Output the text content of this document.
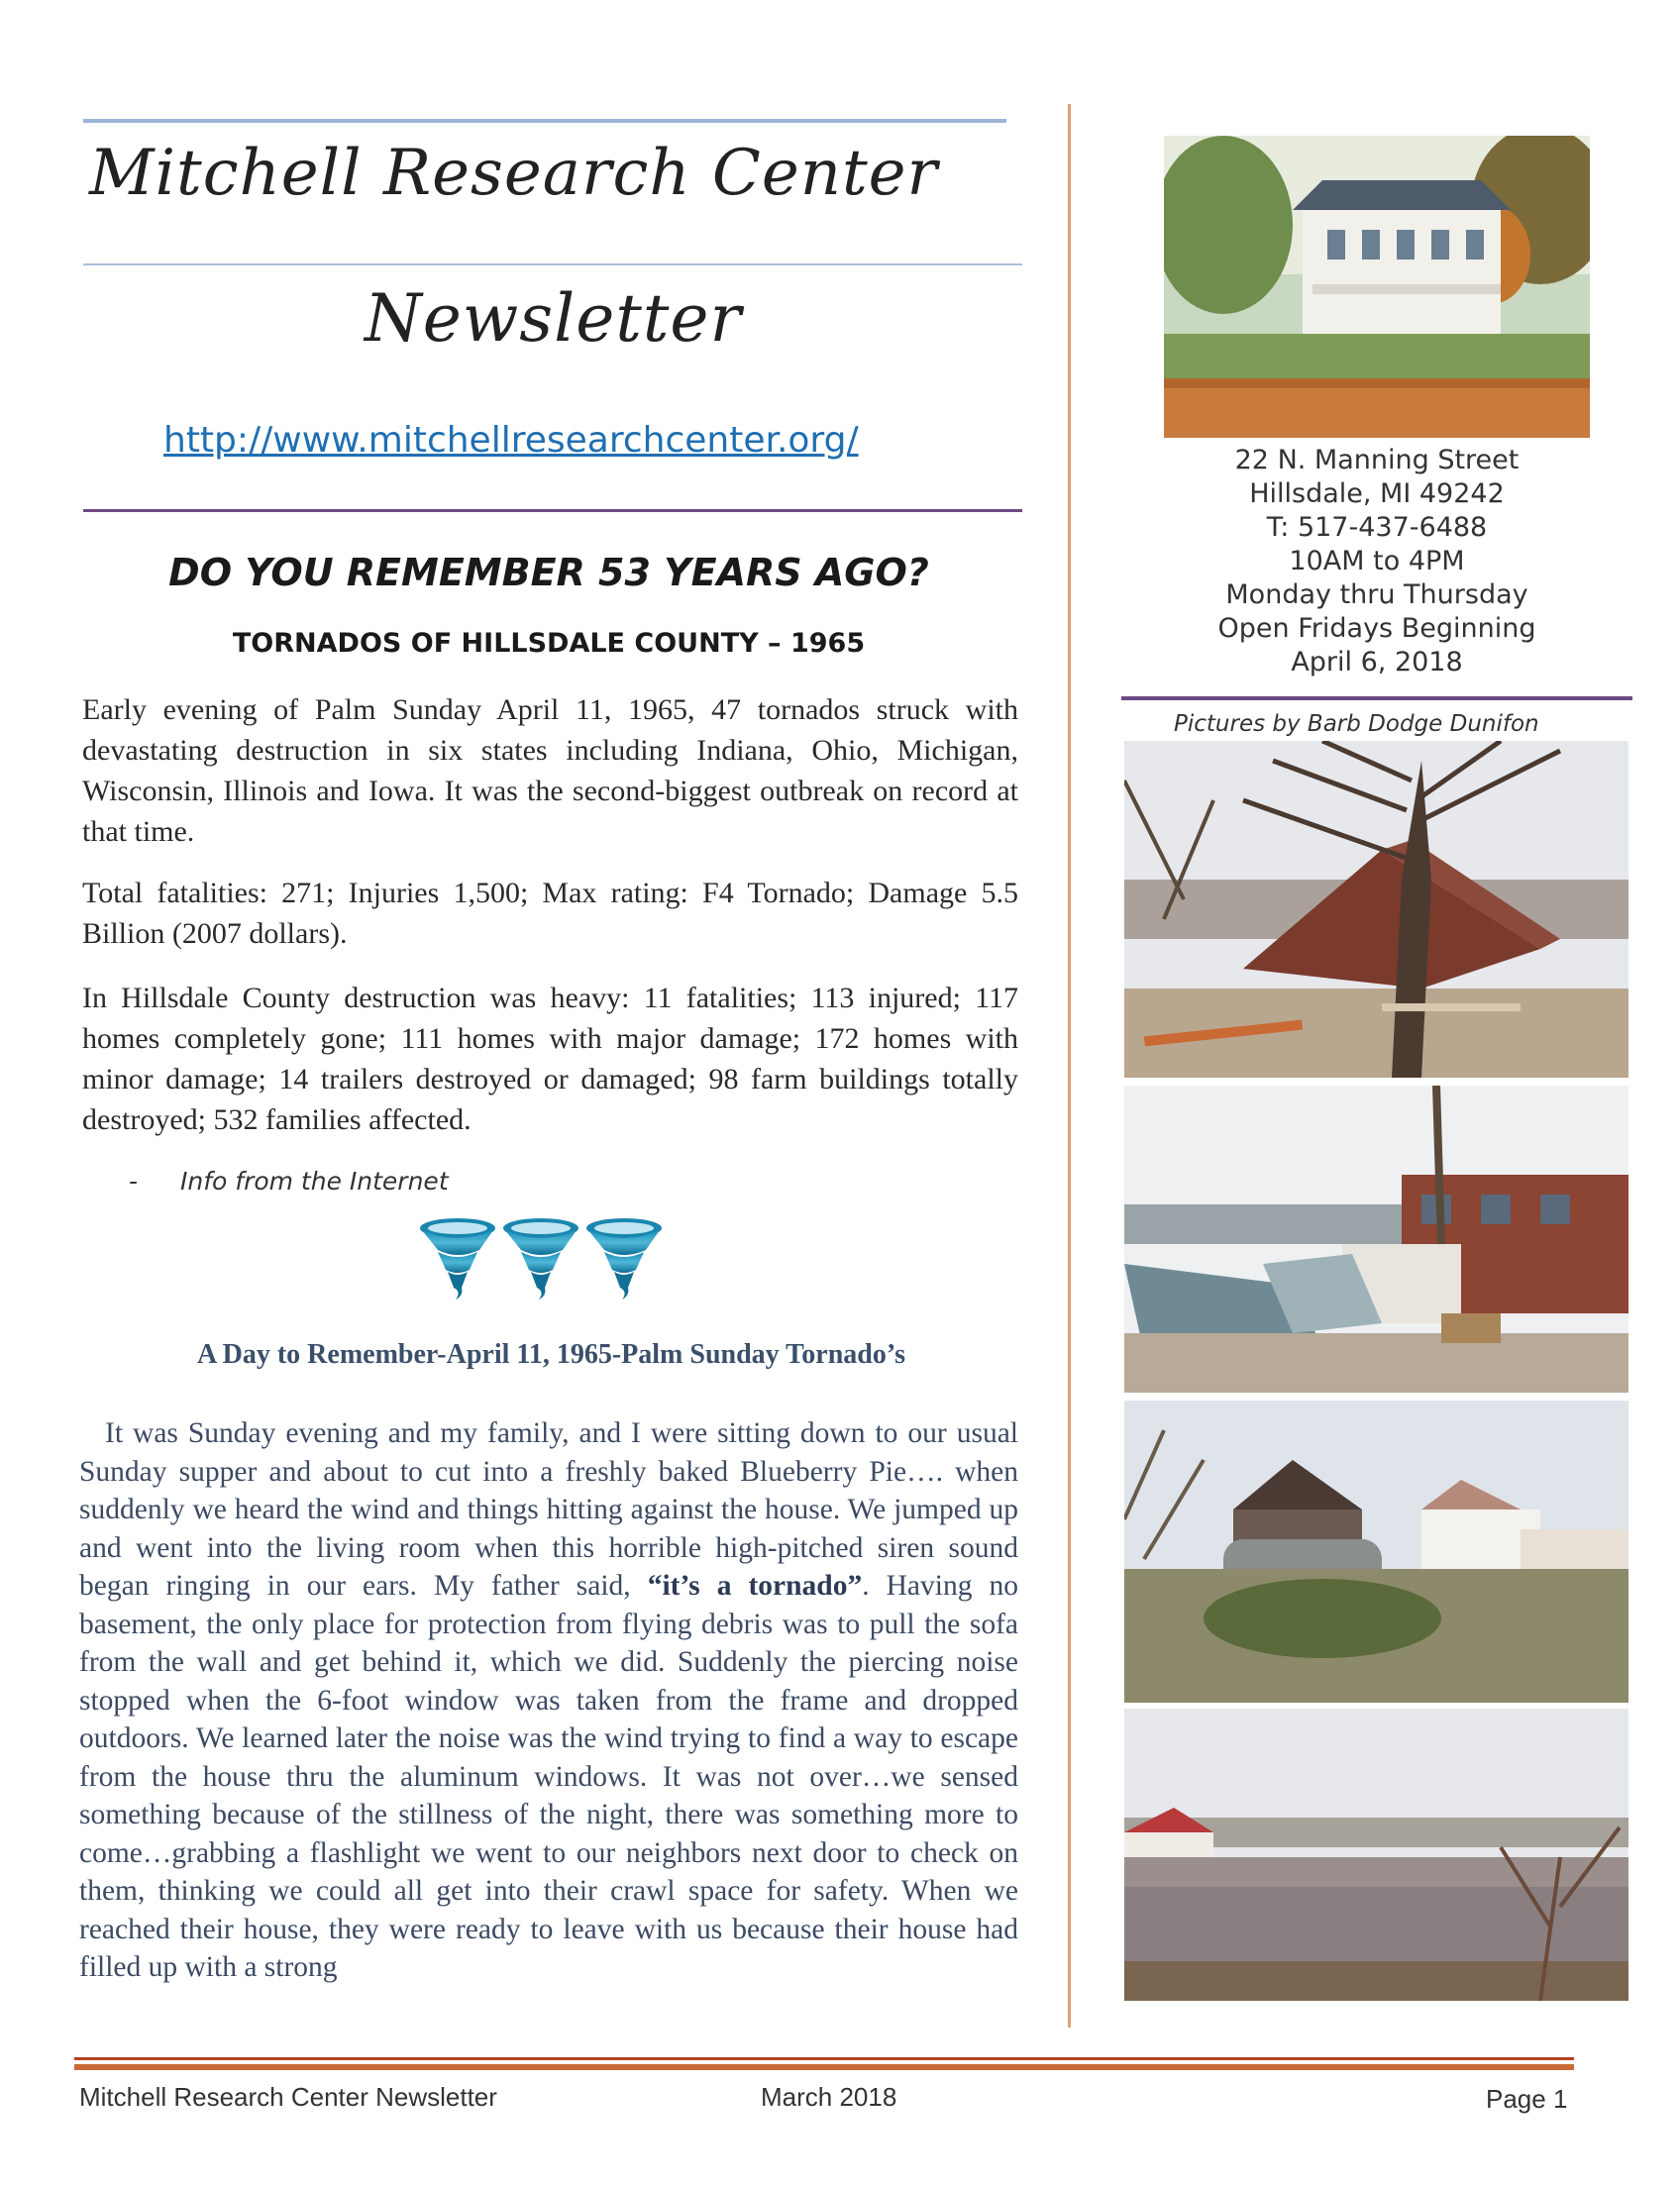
Mitchell Research Center
Newsletter
http://www.mitchellresearchcenter.org/
DO YOU REMEMBER 53 YEARS AGO?
TORNADOS OF HILLSDALE COUNTY – 1965

Early evening of Palm Sunday April 11, 1965, 47 tornados struck with devastating destruction in six states including Indiana, Ohio, Michigan, Wisconsin, Illinois and Iowa. It was the second-biggest outbreak on record at that time.

Total fatalities: 271; Injuries 1,500; Max rating: F4 Tornado; Damage 5.5 Billion (2007 dollars).

In Hillsdale County destruction was heavy: 11 fatalities; 113 injured; 117 homes completely gone; 111 homes with major damage; 172 homes with minor damage; 14 trailers destroyed or damaged; 98 farm buildings totally destroyed; 532 families affected.

- Info from the Internet
A Day to Remember-April 11, 1965-Palm Sunday Tornado’s

It was Sunday evening and my family, and I were sitting down to our usual Sunday supper and about to cut into a freshly baked Blueberry Pie…. when suddenly we heard the wind and things hitting against the house. We jumped up and went into the living room when this horrible high-pitched siren sound began ringing in our ears. My father said, “it’s a tornado”. Having no basement, the only place for protection from flying debris was to pull the sofa from the wall and get behind it, which we did. Suddenly the piercing noise stopped when the 6-foot window was taken from the frame and dropped outdoors. We learned later the noise was the wind trying to find a way to escape from the house thru the aluminum windows. It was not over…we sensed something because of the stillness of the night, there was something more to come…grabbing a flashlight we went to our neighbors next door to check on them, thinking we could all get into their crawl space for safety. When we reached their house, they were ready to leave with us because their house had filled up with a strong

22 N. Manning Street
Hillsdale, MI 49242
T: 517-437-6488
10AM to 4PM
Monday thru Thursday
Open Fridays Beginning
April 6, 2018
Pictures by Barb Dodge Dunifon
Mitchell Research Center Newsletter	March 2018	Page 1
